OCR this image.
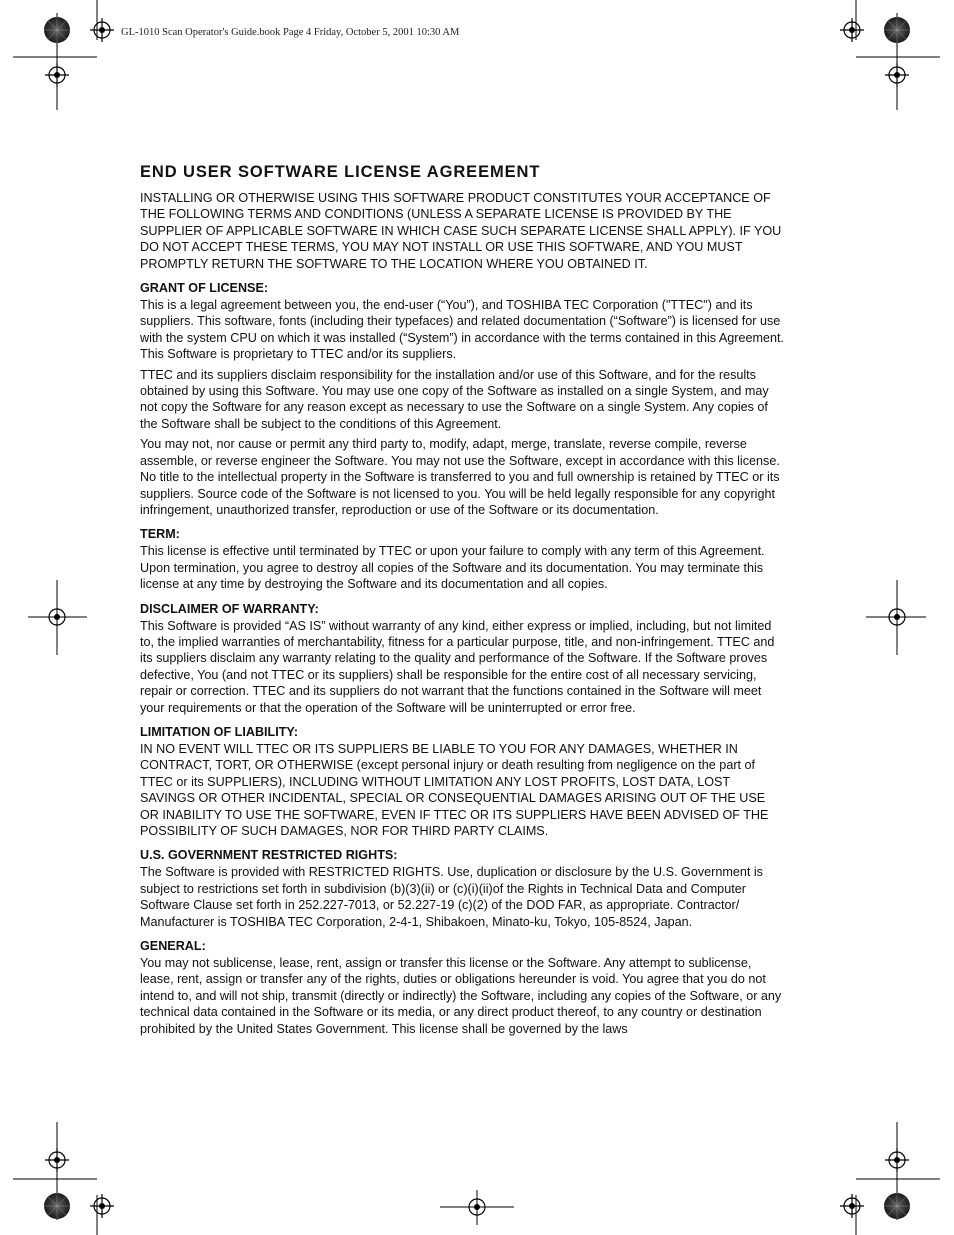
GL-1010 Scan Operator's Guide.book Page 4 Friday, October 5, 2001 10:30 AM
END USER SOFTWARE LICENSE AGREEMENT

INSTALLING OR OTHERWISE USING THIS SOFTWARE PRODUCT CONSTITUTES YOUR ACCEPTANCE OF THE FOLLOWING TERMS AND CONDITIONS (UNLESS A SEPARATE LICENSE IS PROVIDED BY THE SUPPLIER OF APPLICABLE SOFTWARE IN WHICH CASE SUCH SEPARATE LICENSE SHALL APPLY). IF YOU DO NOT ACCEPT THESE TERMS, YOU MAY NOT INSTALL OR USE THIS SOFTWARE, AND YOU MUST PROMPTLY RETURN THE SOFTWARE TO THE LOCATION WHERE YOU OBTAINED IT.

GRANT OF LICENSE:

This is a legal agreement between you, the end-user (“You”), and TOSHIBA TEC Corporation ("TTEC") and its suppliers. This software, fonts (including their typefaces) and related documentation (“Software”) is licensed for use with the system CPU on which it was installed (“System”) in accordance with the terms contained in this Agreement. This Software is proprietary to TTEC and/or its suppliers.

TTEC and its suppliers disclaim responsibility for the installation and/or use of this Software, and for the results obtained by using this Software. You may use one copy of the Software as installed on a single System, and may not copy the Software for any reason except as necessary to use the Software on a single System. Any copies of the Software shall be subject to the conditions of this Agreement.

You may not, nor cause or permit any third party to, modify, adapt, merge, translate, reverse compile, reverse assemble, or reverse engineer the Software. You may not use the Software, except in accordance with this license. No title to the intellectual property in the Software is transferred to you and full ownership is retained by TTEC or its suppliers. Source code of the Software is not licensed to you. You will be held legally responsible for any copyright infringement, unauthorized transfer, reproduction or use of the Software or its documentation.

TERM:

This license is effective until terminated by TTEC or upon your failure to comply with any term of this Agreement. Upon termination, you agree to destroy all copies of the Software and its documentation. You may terminate this license at any time by destroying the Software and its documentation and all copies.

DISCLAIMER OF WARRANTY:

This Software is provided “AS IS” without warranty of any kind, either express or implied, including, but not limited to, the implied warranties of merchantability, fitness for a particular purpose, title, and non-infringement. TTEC and its suppliers disclaim any warranty relating to the quality and performance of the Software. If the Software proves defective, You (and not TTEC or its suppliers) shall be responsible for the entire cost of all necessary servicing, repair or correction. TTEC and its suppliers do not warrant that the functions contained in the Software will meet your requirements or that the operation of the Software will be uninterrupted or error free.

LIMITATION OF LIABILITY:

IN NO EVENT WILL TTEC OR ITS SUPPLIERS BE LIABLE TO YOU FOR ANY DAMAGES, WHETHER IN CONTRACT, TORT, OR OTHERWISE (except personal injury or death resulting from negligence on the part of TTEC or its SUPPLIERS), INCLUDING WITHOUT LIMITATION ANY LOST PROFITS, LOST DATA, LOST SAVINGS OR OTHER INCIDENTAL, SPECIAL OR CONSEQUENTIAL DAMAGES ARISING OUT OF THE USE OR INABILITY TO USE THE SOFTWARE, EVEN IF TTEC OR ITS SUPPLIERS HAVE BEEN ADVISED OF THE POSSIBILITY OF SUCH DAMAGES, NOR FOR THIRD PARTY CLAIMS.

U.S. GOVERNMENT RESTRICTED RIGHTS:

The Software is provided with RESTRICTED RIGHTS. Use, duplication or disclosure by the U.S. Government is subject to restrictions set forth in subdivision (b)(3)(ii) or (c)(i)(ii)of the Rights in Technical Data and Computer Software Clause set forth in 252.227-7013, or 52.227-19 (c)(2) of the DOD FAR, as appropriate. Contractor/ Manufacturer is TOSHIBA TEC Corporation, 2-4-1, Shibakoen, Minato-ku, Tokyo, 105-8524, Japan.

GENERAL:

You may not sublicense, lease, rent, assign or transfer this license or the Software. Any attempt to sublicense, lease, rent, assign or transfer any of the rights, duties or obligations hereunder is void. You agree that you do not intend to, and will not ship, transmit (directly or indirectly) the Software, including any copies of the Software, or any technical data contained in the Software or its media, or any direct product thereof, to any country or destination prohibited by the United States Government. This license shall be governed by the laws
